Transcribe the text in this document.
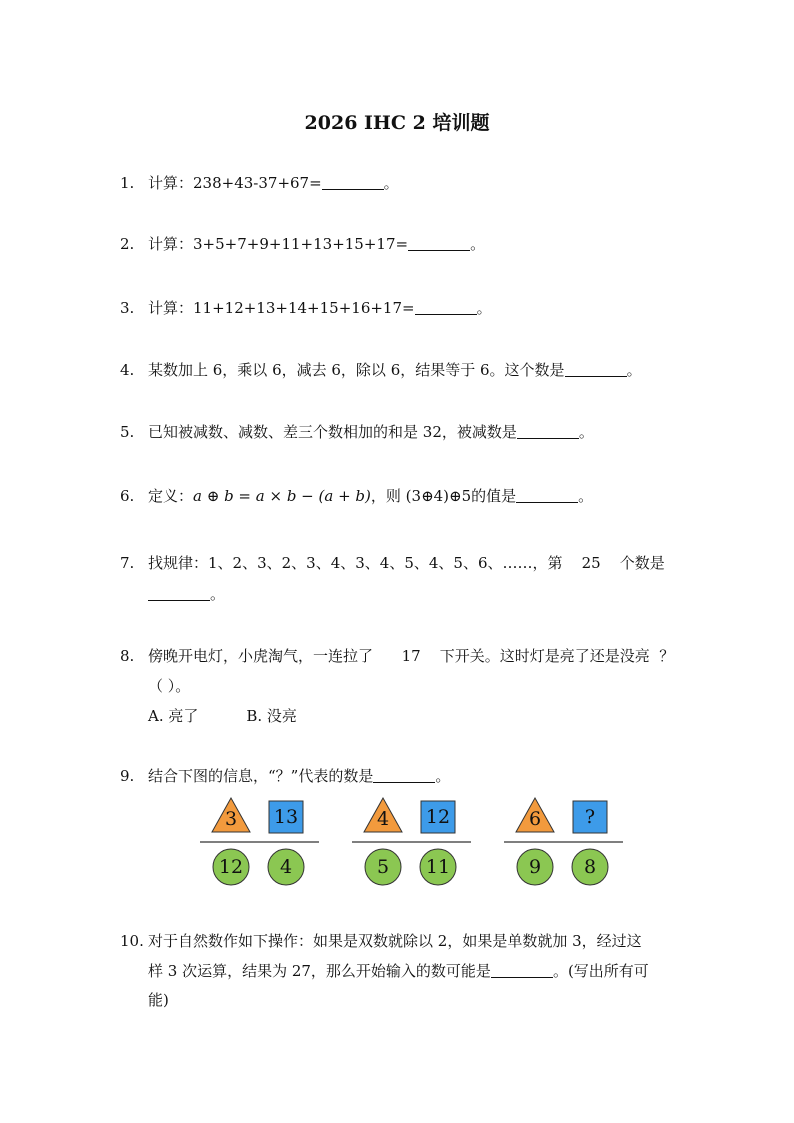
2026 IHC 2 培训题
1. 计算：238+43-37+67=	。
2. 计算：3+5+7+9+11+13+15+17=	。
3. 计算：11+12+13+14+15+16+17=	。
4. 某数加上 6，乘以 6，减去 6，除以 6，结果等于 6。这个数是	。
5. 已知被减数、减数、差三个数相加的和是 32，被减数是	。
6. 定义：a ⊕ b = a × b − (a + b)，则 (3⊕4)⊕5的值是	。
7. 找规律：1、2、3、2、3、4、3、4、5、4、5、6、……，第    25    个数是
。
8. 傍晚开电灯，小虎淘气，一连拉了      17    下开关。这时灯是亮了还是没亮  ？
（ ）。
A. 亮了	B. 没亮
9. 结合下图的信息，“？”代表的数是	。
3 13
12 4
4 12
5 11
6 ?
9 8
10. 对于自然数作如下操作：如果是双数就除以 2，如果是单数就加 3，经过这
样 3 次运算，结果为 27，那么开始输入的数可能是	。(写出所有可
能)
